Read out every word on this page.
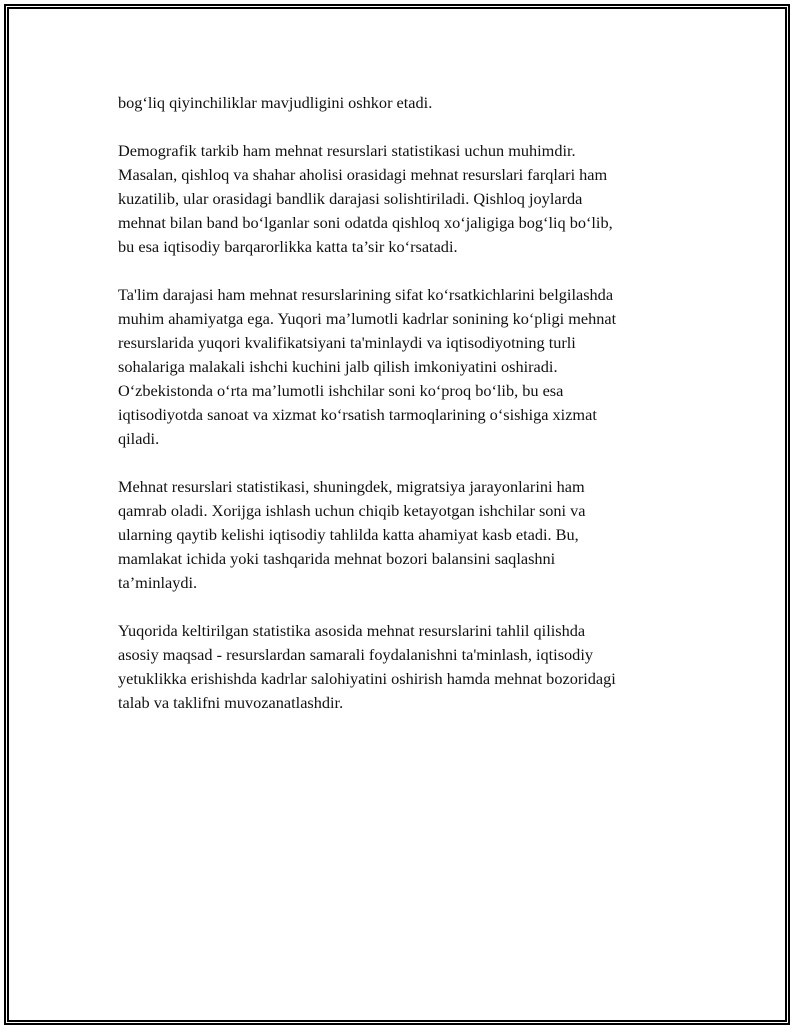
bog‘liq qiyinchiliklar mavjudligini oshkor etadi.

Demografik tarkib ham mehnat resurslari statistikasi uchun muhimdir.
Masalan, qishloq va shahar aholisi orasidagi mehnat resurslari farqlari ham
kuzatilib, ular orasidagi bandlik darajasi solishtiriladi. Qishloq joylarda
mehnat bilan band bo‘lganlar soni odatda qishloq xo‘jaligiga bog‘liq bo‘lib,
bu esa iqtisodiy barqarorlikka katta ta’sir ko‘rsatadi.

Ta'lim darajasi ham mehnat resurslarining sifat ko‘rsatkichlarini belgilashda
muhim ahamiyatga ega. Yuqori ma’lumotli kadrlar sonining ko‘pligi mehnat
resurslarida yuqori kvalifikatsiyani ta'minlaydi va iqtisodiyotning turli
sohalariga malakali ishchi kuchini jalb qilish imkoniyatini oshiradi.
O‘zbekistonda o‘rta ma’lumotli ishchilar soni ko‘proq bo‘lib, bu esa
iqtisodiyotda sanoat va xizmat ko‘rsatish tarmoqlarining o‘sishiga xizmat
qiladi.

Mehnat resurslari statistikasi, shuningdek, migratsiya jarayonlarini ham
qamrab oladi. Xorijga ishlash uchun chiqib ketayotgan ishchilar soni va
ularning qaytib kelishi iqtisodiy tahlilda katta ahamiyat kasb etadi. Bu,
mamlakat ichida yoki tashqarida mehnat bozori balansini saqlashni
ta’minlaydi.

Yuqorida keltirilgan statistika asosida mehnat resurslarini tahlil qilishda
asosiy maqsad - resurslardan samarali foydalanishni ta'minlash, iqtisodiy
yetuklikka erishishda kadrlar salohiyatini oshirish hamda mehnat bozoridagi
talab va taklifni muvozanatlashdir.
